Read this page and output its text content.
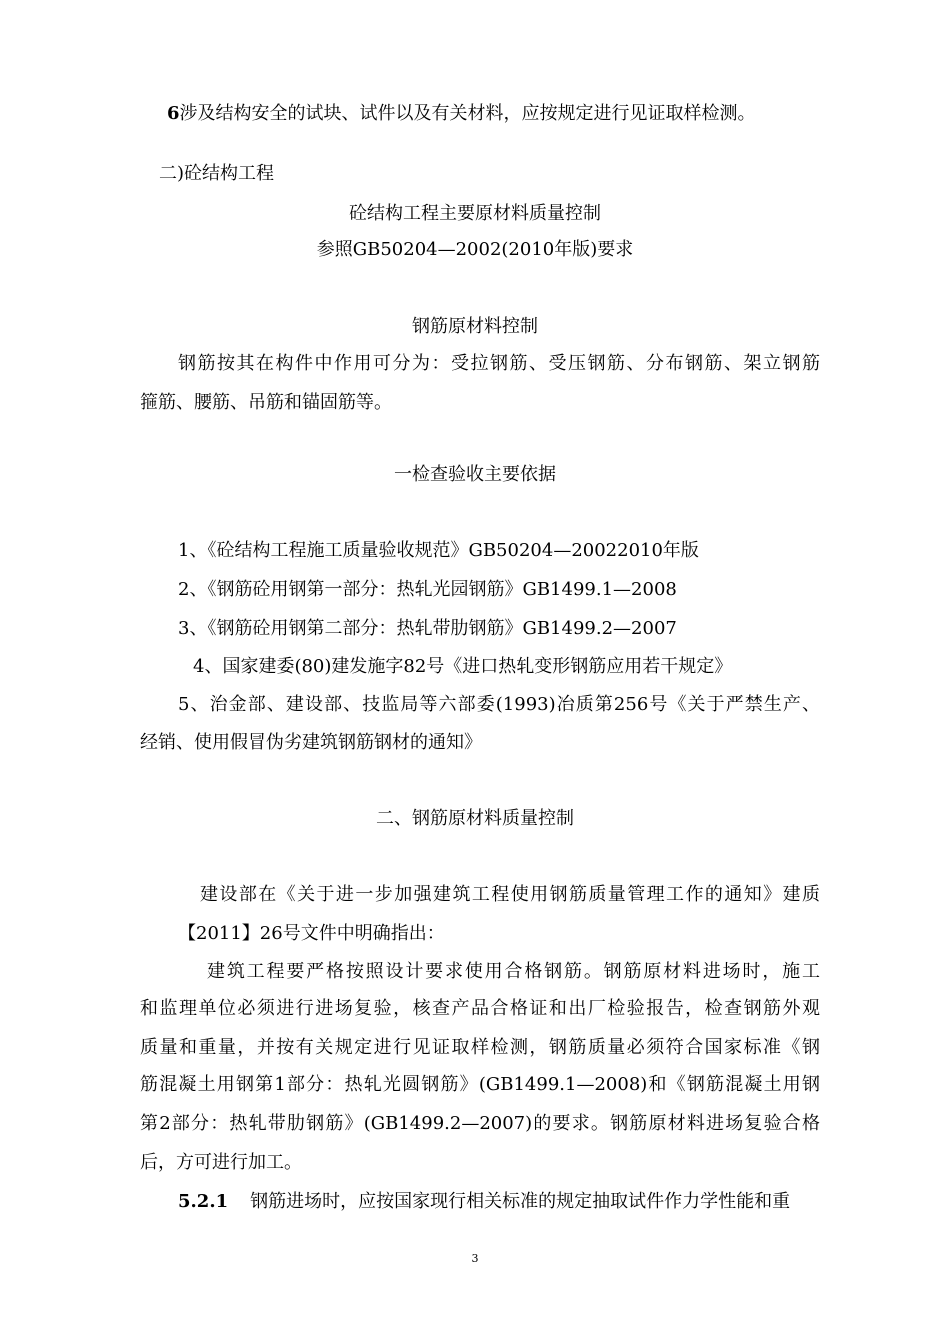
6涉及结构安全的试块、试件以及有关材料，应按规定进行见证取样检测。
二)砼结构工程
砼结构工程主要原材料质量控制
参照GB50204—2002(2010年版)要求
钢筋原材料控制
钢筋按其在构件中作用可分为：受拉钢筋、受压钢筋、分布钢筋、架立钢筋
箍筋、腰筋、吊筋和锚固筋等。
一检查验收主要依据
1、《砼结构工程施工质量验收规范》GB50204—20022010年版
2、《钢筋砼用钢第一部分：热轧光园钢筋》GB1499.1—2008
3、《钢筋砼用钢第二部分：热轧带肋钢筋》GB1499.2—2007
4、国家建委(80)建发施字82号《进口热轧变形钢筋应用若干规定》
5、治金部、建设部、技监局等六部委(1993)冶质第256号《关于严禁生产、
经销、使用假冒伪劣建筑钢筋钢材的通知》
二、钢筋原材料质量控制
建设部在《关于进一步加强建筑工程使用钢筋质量管理工作的通知》建质
【2011】26号文件中明确指出：
建筑工程要严格按照设计要求使用合格钢筋。钢筋原材料进场时，施工
和监理单位必须进行进场复验，核查产品合格证和出厂检验报告，检查钢筋外观
质量和重量，并按有关规定进行见证取样检测，钢筋质量必须符合国家标准《钢
筋混凝土用钢第1部分：热轧光圆钢筋》(GB1499.1—2008)和《钢筋混凝土用钢
第2部分：热轧带肋钢筋》(GB1499.2—2007)的要求。钢筋原材料进场复验合格
后，方可进行加工。
5.2.1 钢筋进场时，应按国家现行相关标准的规定抽取试件作力学性能和重
3
